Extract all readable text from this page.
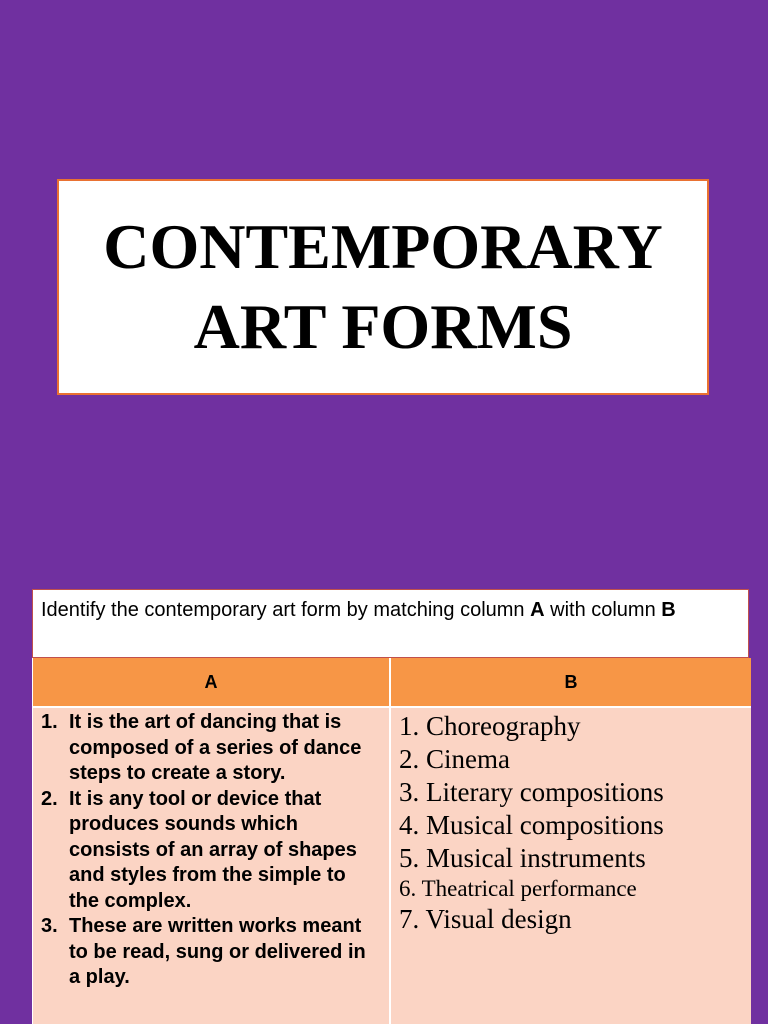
CONTEMPORARY
ART FORMS
Identify the contemporary art form by matching column A with column B
A	B
1. It is the art of dancing that is composed of a series of dance steps to create a story.
2. It is any tool or device that produces sounds which consists of an array of shapes and styles from the simple to the complex.
3. These are written works meant to be read, sung or delivered in a play.
1. Choreography
2. Cinema
3. Literary compositions
4. Musical compositions
5. Musical instruments
6. Theatrical performance
7. Visual design
